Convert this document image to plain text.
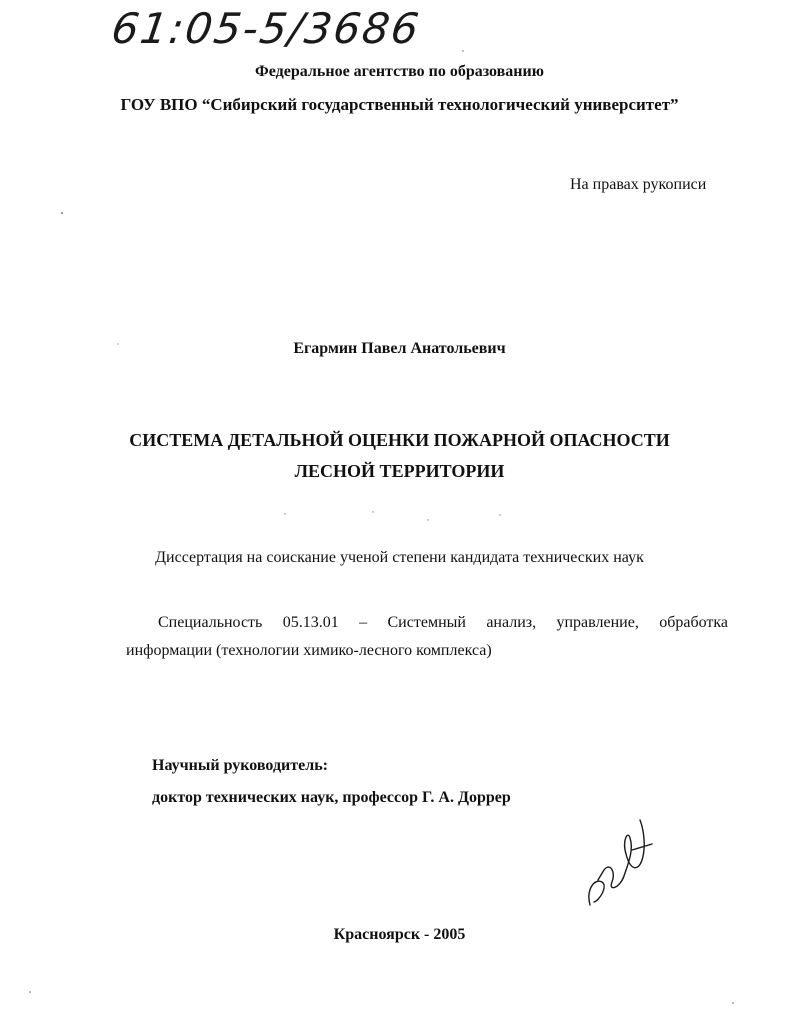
61:05-5/3686
Федеральное агентство по образованию
ГОУ ВПО “Сибирский государственный технологический университет”
На правах рукописи
Егармин Павел Анатольевич
СИСТЕМА ДЕТАЛЬНОЙ ОЦЕНКИ ПОЖАРНОЙ ОПАСНОСТИ
ЛЕСНОЙ ТЕРРИТОРИИ
Диссертация на соискание ученой степени кандидата технических наук
Специальность 05.13.01 – Системный анализ, управление, обработка
информации (технологии химико-лесного комплекса)
Научный руководитель:
доктор технических наук, профессор Г. А. Доррер
Красноярск - 2005
